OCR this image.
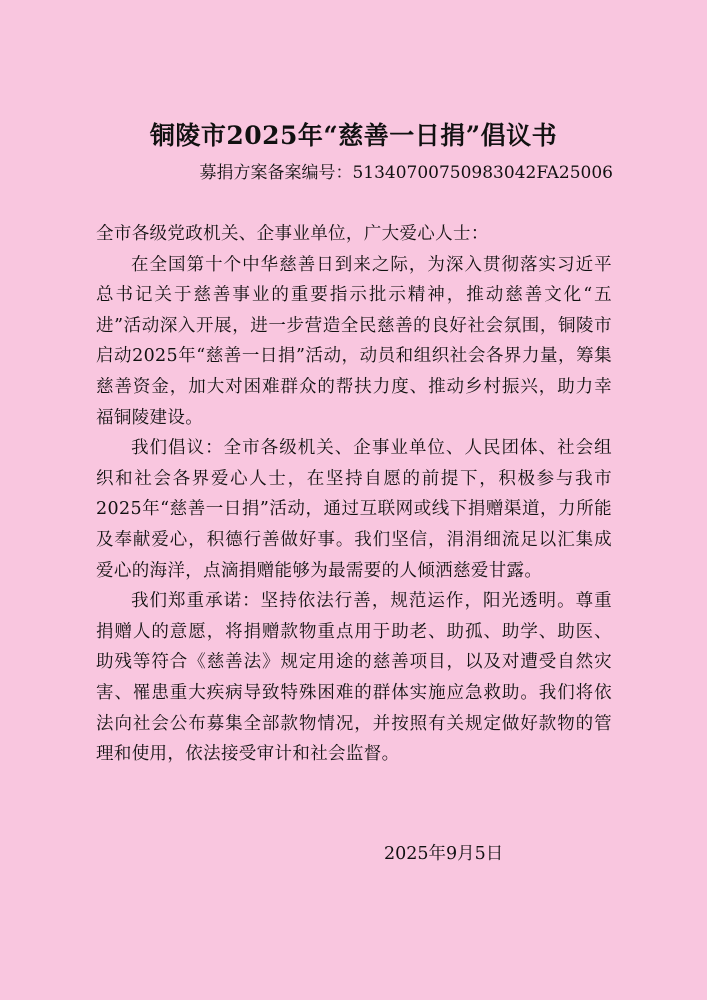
铜陵市2025年“慈善一日捐”倡议书
募捐方案备案编号：5134070075098304​2FA25006

全市各级党政机关、企事业单位，广大爱心人士：

在全国第十个中华慈善日到来之际，为深入贯彻落实习近平总书记关于慈善事业的重要指示批示精神，推动慈善文化“五进”活动深入开展，进一步营造全民慈善的良好社会氛围，铜陵市启动2025年“慈善一日捐”活动，动员和组织社会各界力量，筹集慈善资金，加大对困难群众的帮扶力度、推动乡村振兴，助力幸福铜陵建设。

我们倡议：全市各级机关、企事业单位、人民团体、社会组织和社会各界爱心人士，在坚持自愿的前提下，积极参与我市2025年“慈善一日捐”活动，通过互联网或线下捐赠渠道，力所能及奉献爱心，积德行善做好事。我们坚信，涓涓细流足以汇集成爱心的海洋，点滴捐赠能够为最需要的人倾洒慈爱甘露。

我们郑重承诺：坚持依法行善，规范运作，阳光透明。尊重捐赠人的意愿，将捐赠款物重点用于助老、助孤、助学、助医、助残等符合《慈善法》规定用途的慈善项目，以及对遭受自然灾害、罹患重大疾病导致特殊困难的群体实施应急救助。我们将依法向社会公布募集全部款物情况，并按照有关规定做好款物的管理和使用，依法接受审计和社会监督。

2025年9月5日
